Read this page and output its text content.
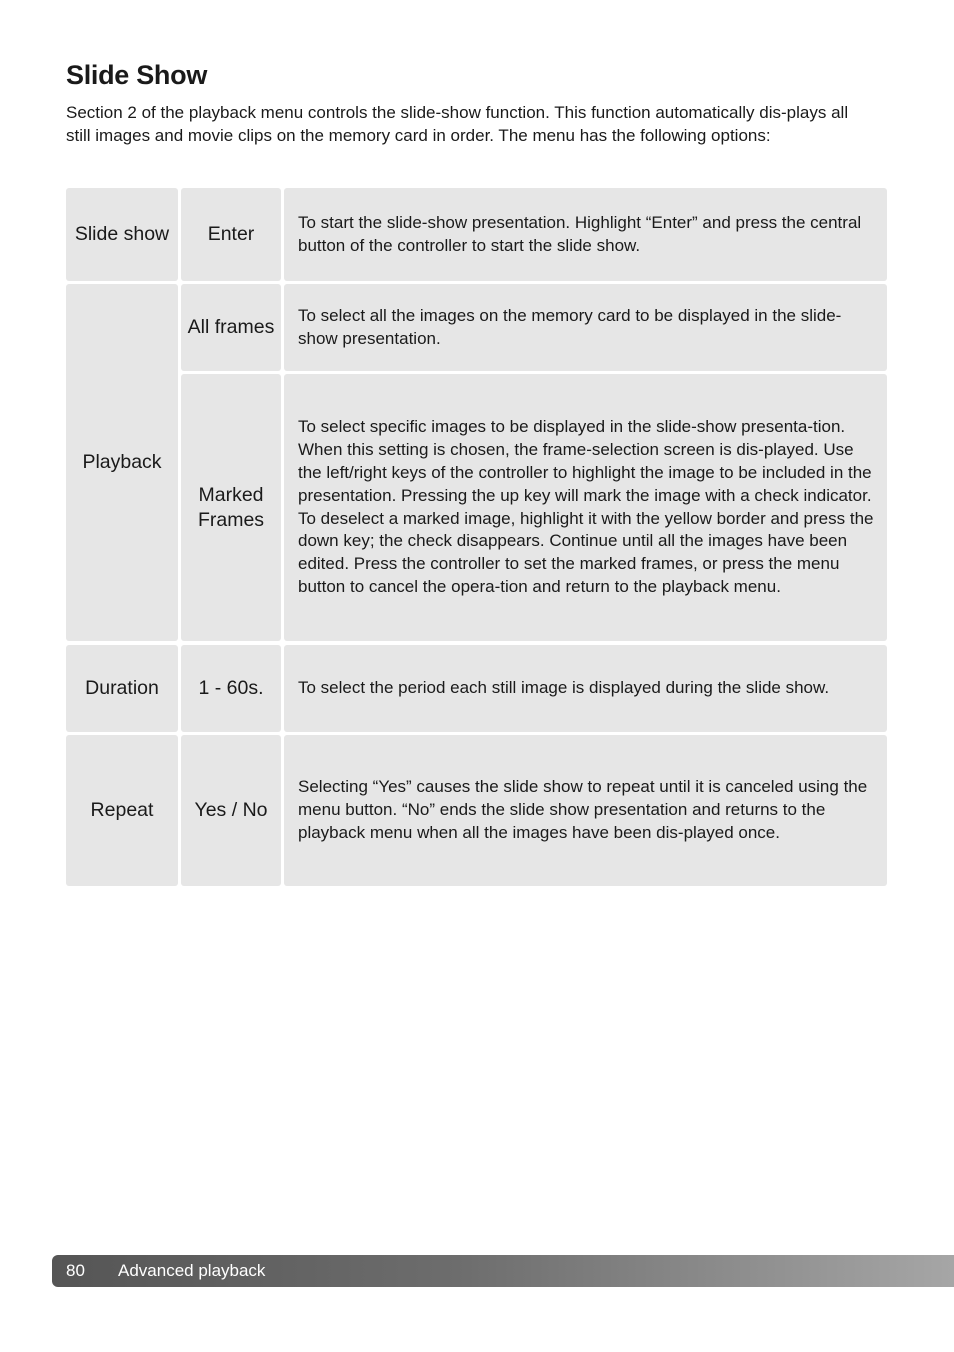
Slide Show

Section 2 of the playback menu controls the slide-show function. This function automatically dis-plays all still images and movie clips on the memory card in order. The menu has the following options:

Slide show Enter
To start the slide-show presentation. Highlight “Enter” and press the central button of the controller to start the slide show.
Playback
All frames
To select all the images on the memory card to be displayed in the slide-show presentation.
Marked Frames
To select specific images to be displayed in the slide-show presenta-tion. When this setting is chosen, the frame-selection screen is dis-played. Use the left/right keys of the controller to highlight the image to be included in the presentation. Pressing the up key will mark the image with a check indicator. To deselect a marked image, highlight it with the yellow border and press the down key; the check disappears. Continue until all the images have been edited. Press the controller to set the marked frames, or press the menu button to cancel the opera-tion and return to the playback menu.
Duration 1 - 60s. To select the period each still image is displayed during the slide show.
Repeat Yes / No
Selecting “Yes” causes the slide show to repeat until it is canceled using the menu button. “No” ends the slide show presentation and returns to the playback menu when all the images have been dis-played once.
80	Advanced playback
